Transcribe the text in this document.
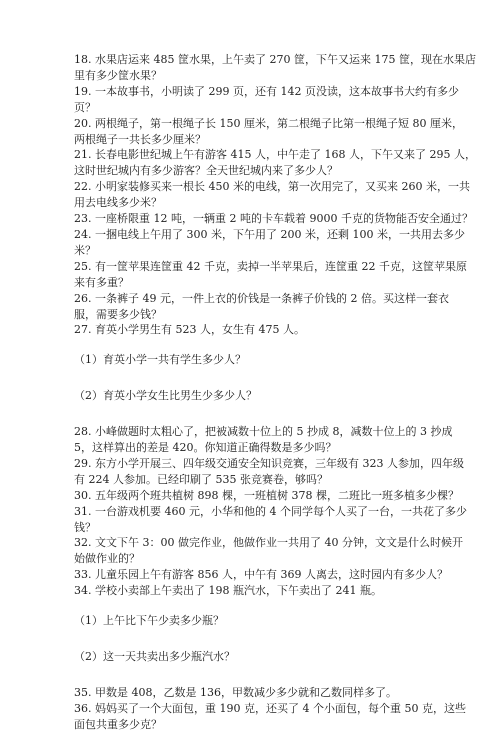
18. 水果店运来 485 筐水果，上午卖了 270 筐，下午又运来 175 筐，现在水果店
里有多少筐水果？
19. 一本故事书，小明读了 299 页，还有 142 页没读，这本故事书大约有多少
页？
20. 两根绳子，第一根绳子长 150 厘米，第二根绳子比第一根绳子短 80 厘米，
两根绳子一共长多少厘米？
21. 长春电影世纪城上午有游客 415 人，中午走了 168 人，下午又来了 295 人，
这时世纪城内有多少游客？全天世纪城内来了多少人？
22. 小明家装修买来一根长 450 米的电线，第一次用完了，又买来 260 米，一共
用去电线多少米？
23. 一座桥限重 12 吨，一辆重 2 吨的卡车载着 9000 千克的货物能否安全通过？
24. 一捆电线上午用了 300 米，下午用了 200 米，还剩 100 米，一共用去多少
米？
25. 有一筐苹果连筐重 42 千克，卖掉一半苹果后，连筐重 22 千克，这筐苹果原
来有多重？
26. 一条裤子 49 元，一件上衣的价钱是一条裤子价钱的 2 倍。买这样一套衣
服，需要多少钱？
27. 育英小学男生有 523 人，女生有 475 人。
（1）育英小学一共有学生多少人？
（2）育英小学女生比男生少多少人？
28. 小峰做题时太粗心了，把被减数十位上的 5 抄成 8，减数十位上的 3 抄成
5，这样算出的差是 420。你知道正确得数是多少吗？
29. 东方小学开展三、四年级交通安全知识竞赛，三年级有 323 人参加，四年级
有 224 人参加。已经印刷了 535 张竞赛卷，够吗？
30. 五年级两个班共植树 898 棵，一班植树 378 棵，二班比一班多植多少棵？
31. 一台游戏机要 460 元，小华和他的 4 个同学每个人买了一台，一共花了多少
钱？
32. 文文下午 3：00 做完作业，他做作业一共用了 40 分钟，文文是什么时候开
始做作业的？
33. 儿童乐园上午有游客 856 人，中午有 369 人离去，这时园内有多少人？
34. 学校小卖部上午卖出了 198 瓶汽水，下午卖出了 241 瓶。
（1）上午比下午少卖多少瓶？
（2）这一天共卖出多少瓶汽水？
35. 甲数是 408，乙数是 136，甲数减少多少就和乙数同样多了。
36. 妈妈买了一个大面包，重 190 克，还买了 4 个小面包，每个重 50 克，这些
面包共重多少克？
